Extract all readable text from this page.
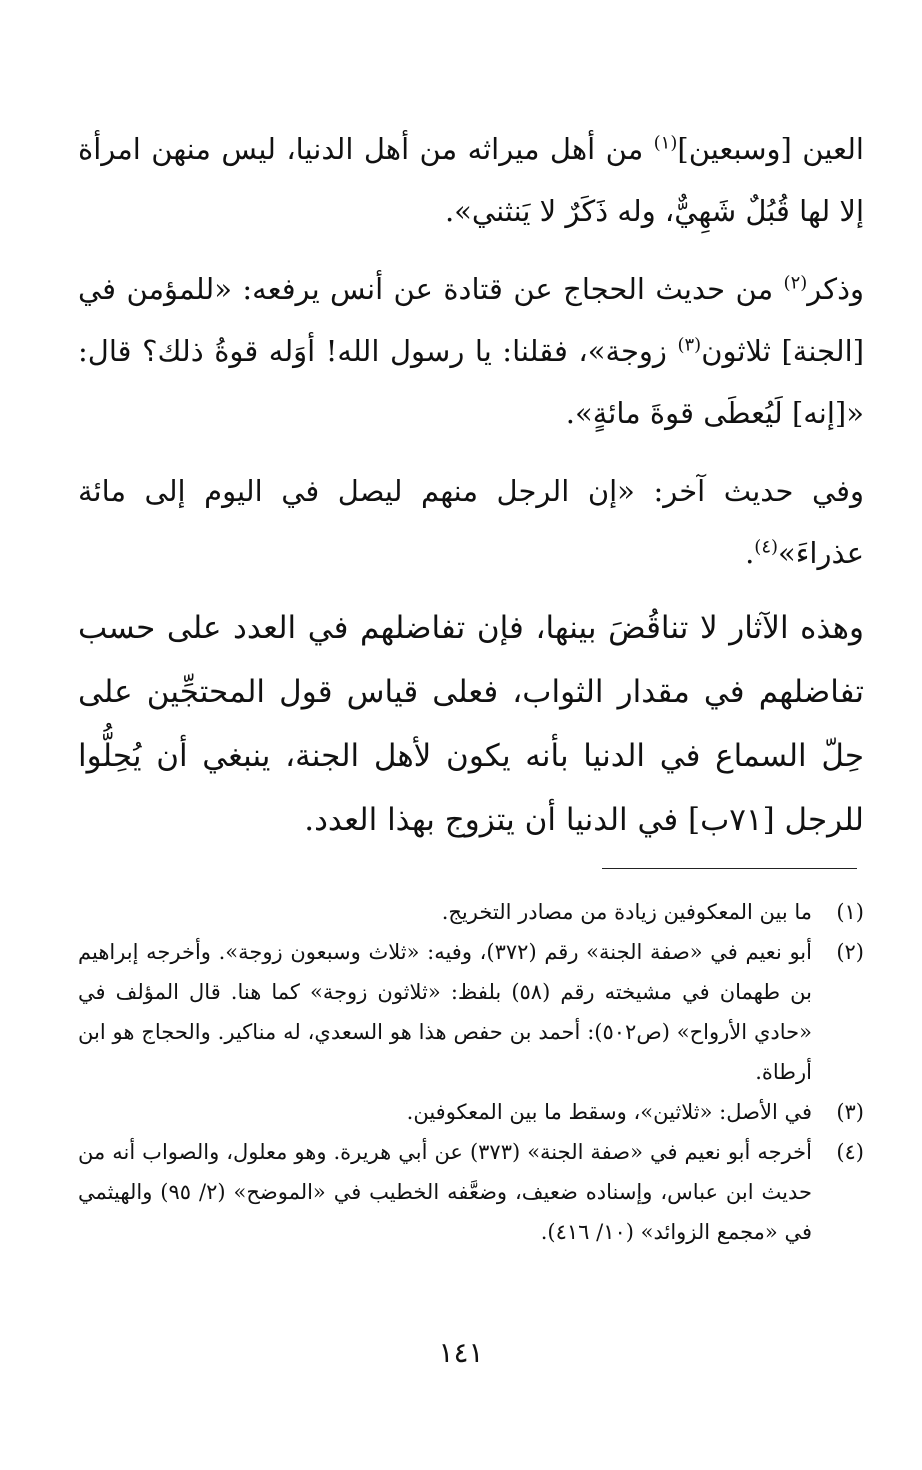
العين [وسبعين]$^{(١)}$ من أهل ميراثه من أهل الدنيا، ليس منهن امرأة إلا لها قُبُلٌ شَهِيٌّ، وله ذَكَرٌ لا يَنثني».

وذكر$^{(٢)}$ من حديث الحجاج عن قتادة عن أنس يرفعه: «للمؤمن في [الجنة] ثلاثون$^{(٣)}$ زوجة»، فقلنا: يا رسول الله! أوَله قوةُ ذلك؟ قال: «[إنه] لَيُعطَى قوةَ مائةٍ».

وفي حديث آخر: «إن الرجل منهم ليصل في اليوم إلى مائة عذراءَ»$^{(٤)}$.

وهذه الآثار لا تناقُضَ بينها، فإن تفاضلهم في العدد على حسب تفاضلهم في مقدار الثواب، فعلى قياس قول المحتجِّين على حِلّ السماع في الدنيا بأنه يكون لأهل الجنة، ينبغي أن يُحِلُّوا للرجل [٧١ب] في الدنيا أن يتزوج بهذا العدد.

(١)
ما بين المعكوفين زيادة من مصادر التخريج.
(٢)
أبو نعيم في «صفة الجنة» رقم (٣٧٢)، وفيه: «ثلاث وسبعون زوجة». وأخرجه إبراهيم بن طهمان في مشيخته رقم (٥٨) بلفظ: «ثلاثون زوجة» كما هنا. قال المؤلف في «حادي الأرواح» (ص٥٠٢): أحمد بن حفص هذا هو السعدي، له مناكير. والحجاج هو ابن أرطاة.
(٣)
في الأصل: «ثلاثين»، وسقط ما بين المعكوفين.
(٤)
أخرجه أبو نعيم في «صفة الجنة» (٣٧٣) عن أبي هريرة. وهو معلول، والصواب أنه من حديث ابن عباس، وإسناده ضعيف، وضعَّفه الخطيب في «الموضح» (٢/ ٩٥) والهيثمي في «مجمع الزوائد» (١٠/ ٤١٦).
١٤١
